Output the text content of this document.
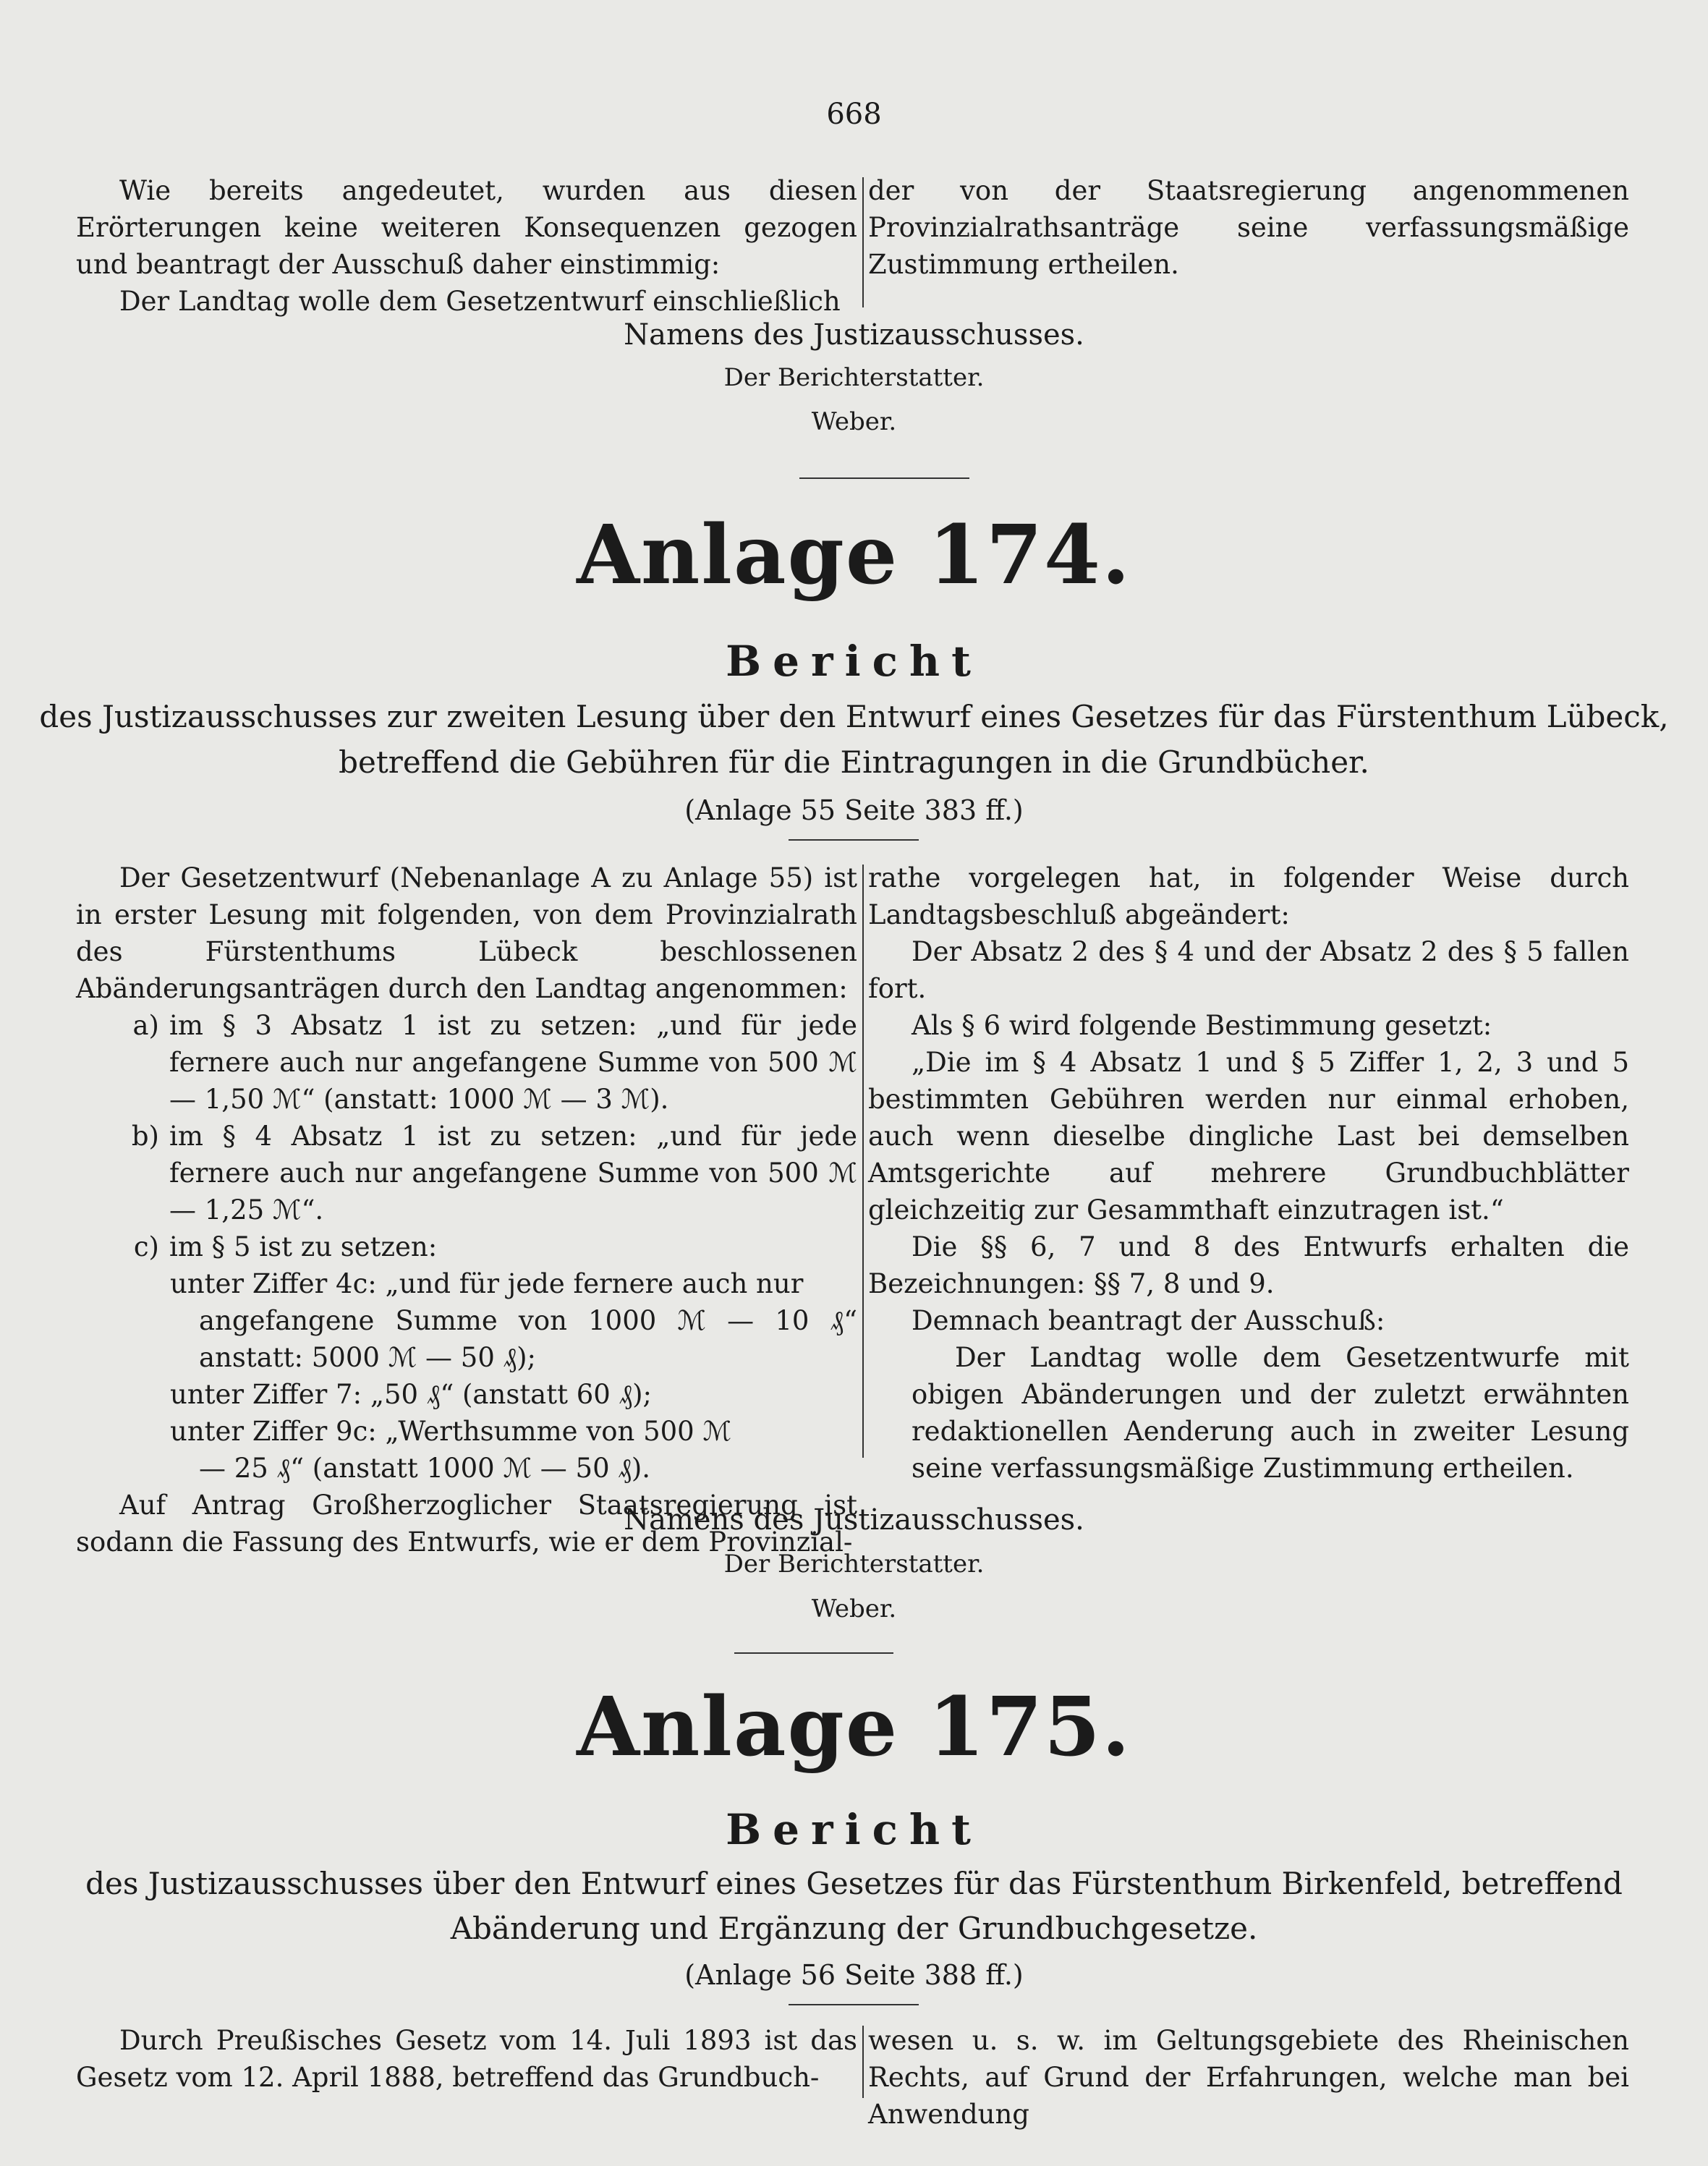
668

Wie bereits angedeutet, wurden aus diesen Erörterungen keine weiteren Konsequenzen gezogen und beantragt der Ausschuß daher einstimmig:

Der Landtag wolle dem Gesetzentwurf einschließlich

der von der Staatsregierung angenommenen Provinzialrathsanträge seine verfassungsmäßige Zustimmung ertheilen.

Namens des Justizausschusses.
Der Berichterstatter.
Weber.
Anlage 174.
Bericht
des Justizausschusses zur zweiten Lesung über den Entwurf eines Gesetzes für das Fürstenthum Lübeck,
betreffend die Gebühren für die Eintragungen in die Grundbücher.
(Anlage 55 Seite 383 ff.)

Der Gesetzentwurf (Nebenanlage A zu Anlage 55) ist in erster Lesung mit folgenden, von dem Provinzialrath des Fürstenthums Lübeck beschlossenen Abänderungsanträgen durch den Landtag angenommen:

a) im § 3 Absatz 1 ist zu setzen: „und für jede fernere auch nur angefangene Summe von 500 ℳ — 1,50 ℳ“ (anstatt: 1000 ℳ — 3 ℳ).
b) im § 4 Absatz 1 ist zu setzen: „und für jede fernere auch nur angefangene Summe von 500 ℳ — 1,25 ℳ“.
c) im § 5 ist zu setzen:

unter Ziffer 4c: „und für jede fernere auch nur

angefangene Summe von 1000 ℳ — 10 ₰“ anstatt: 5000 ℳ — 50 ₰);

unter Ziffer 7: „50 ₰“ (anstatt 60 ₰);

unter Ziffer 9c: „Werthsumme von 500 ℳ

— 25 ₰“ (anstatt 1000 ℳ — 50 ₰).

Auf Antrag Großherzoglicher Staatsregierung ist sodann die Fassung des Entwurfs, wie er dem Provinzial-

rathe vorgelegen hat, in folgender Weise durch Landtagsbeschluß abgeändert:

Der Absatz 2 des § 4 und der Absatz 2 des § 5 fallen fort.

Als § 6 wird folgende Bestimmung gesetzt:

„Die im § 4 Absatz 1 und § 5 Ziffer 1, 2, 3 und 5 bestimmten Gebühren werden nur einmal erhoben, auch wenn dieselbe dingliche Last bei demselben Amtsgerichte auf mehrere Grundbuchblätter gleichzeitig zur Gesammthaft einzutragen ist.“

Die §§ 6, 7 und 8 des Entwurfs erhalten die Bezeichnungen: §§ 7, 8 und 9.

Demnach beantragt der Ausschuß:

Der Landtag wolle dem Gesetzentwurfe mit obigen Abänderungen und der zuletzt erwähnten redaktionellen Aenderung auch in zweiter Lesung seine verfassungsmäßige Zustimmung ertheilen.

Namens des Justizausschusses.
Der Berichterstatter.
Weber.
Anlage 175.
Bericht
des Justizausschusses über den Entwurf eines Gesetzes für das Fürstenthum Birkenfeld, betreffend
Abänderung und Ergänzung der Grundbuchgesetze.
(Anlage 56 Seite 388 ff.)

Durch Preußisches Gesetz vom 14. Juli 1893 ist das Gesetz vom 12. April 1888, betreffend das Grundbuch-

wesen u. s. w. im Geltungsgebiete des Rheinischen Rechts, auf Grund der Erfahrungen, welche man bei Anwendung
